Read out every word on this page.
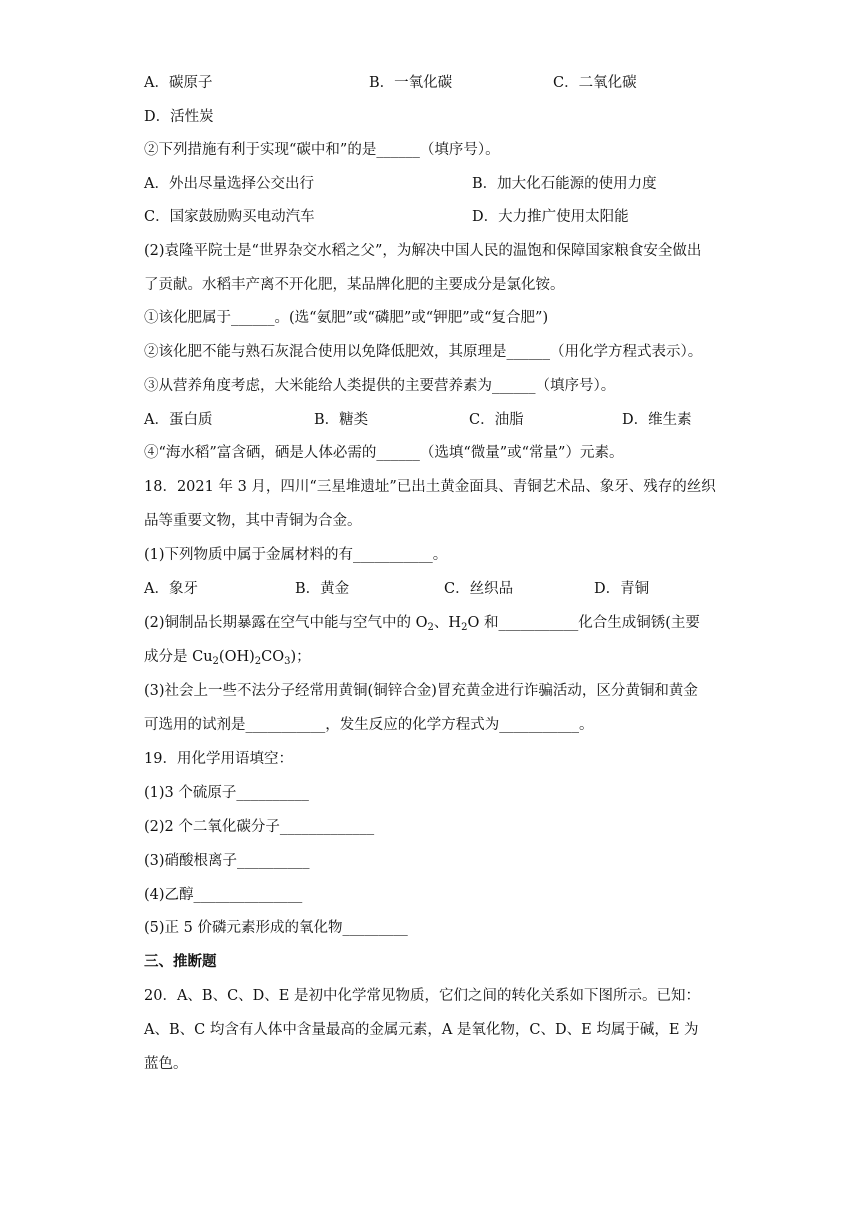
A．碳原子	B．一氧化碳	C．二氧化碳
D．活性炭
②下列措施有利于实现“碳中和”的是______（填序号）。
A．外出尽量选择公交出行	B．加大化石能源的使用力度
C．国家鼓励购买电动汽车	D．大力推广使用太阳能
(2)袁隆平院士是“世界杂交水稻之父”，为解决中国人民的温饱和保障国家粮食安全做出
了贡献。水稻丰产离不开化肥，某品牌化肥的主要成分是氯化铵。
①该化肥属于______。(选“氨肥”或“磷肥”或“钾肥”或“复合肥”)
②该化肥不能与熟石灰混合使用以免降低肥效，其原理是______（用化学方程式表示）。
③从营养角度考虑，大米能给人类提供的主要营养素为______（填序号）。
A．蛋白质	B．糖类	C．油脂	D．维生素
④“海水稻”富含硒，硒是人体必需的______（选填“微量”或“常量”）元素。
18．2021 年 3 月，四川“三星堆遗址”已出土黄金面具、青铜艺术品、象牙、残存的丝织
品等重要文物，其中青铜为合金。
(1)下列物质中属于金属材料的有___________。
A．象牙	B．黄金	C．丝织品	D．青铜
(2)铜制品长期暴露在空气中能与空气中的 $O_2$、$H_2O$ 和___________化合生成铜锈(主要
成分是 $Cu_2(OH)_2CO_3$)；
(3)社会上一些不法分子经常用黄铜(铜锌合金)冒充黄金进行诈骗活动，区分黄铜和黄金
可选用的试剂是___________，发生反应的化学方程式为___________。
19．用化学用语填空：
(1)3 个硫原子__________
(2)2 个二氧化碳分子_____________
(3)硝酸根离子__________
(4)乙醇_______________
(5)正 5 价磷元素形成的氧化物_________
三、推断题
20．A、B、C、D、E 是初中化学常见物质，它们之间的转化关系如下图所示。已知：
A、B、C 均含有人体中含量最高的金属元素，A 是氧化物，C、D、E 均属于碱，E 为
蓝色。
